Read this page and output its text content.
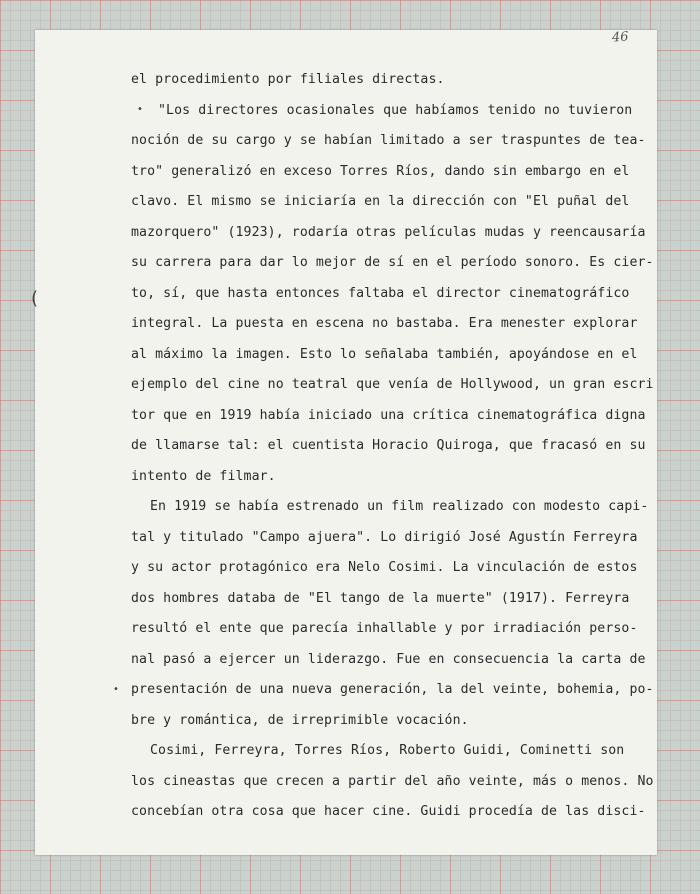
46
el procedimiento por filiales directas.
"Los directores ocasionales que habíamos tenido no tuvieron
noción de su cargo y se habían limitado a ser traspuntes de tea-
tro" generalizó en exceso Torres Ríos, dando sin embargo en el
clavo. El mismo se iniciaría en la dirección con "El puñal del
mazorquero" (1923), rodaría otras películas mudas y reencausaría
su carrera para dar lo mejor de sí en el período sonoro. Es cier-
to, sí, que hasta entonces faltaba el director cinematográfico
integral. La puesta en escena no bastaba. Era menester explorar
al máximo la imagen. Esto lo señalaba también, apoyándose en el
ejemplo del cine no teatral que venía de Hollywood, un gran escri
tor que en 1919 había iniciado una crítica cinematográfica digna
de llamarse tal: el cuentista Horacio Quiroga, que fracasó en su
intento de filmar.
En 1919 se había estrenado un film realizado con modesto capi-
tal y titulado "Campo ajuera". Lo dirigió José Agustín Ferreyra
y su actor protagónico era Nelo Cosimi. La vinculación de estos
dos hombres databa de "El tango de la muerte" (1917). Ferreyra
resultó el ente que parecía inhallable y por irradiación perso-
nal pasó a ejercer un liderazgo. Fue en consecuencia la carta de
presentación de una nueva generación, la del veinte, bohemia, po-
bre y romántica, de irreprimible vocación.
Cosimi, Ferreyra, Torres Ríos, Roberto Guidi, Cominetti son
los cineastas que crecen a partir del año veinte, más o menos. No
concebían otra cosa que hacer cine. Guidi procedía de las disci-
(
•
•
